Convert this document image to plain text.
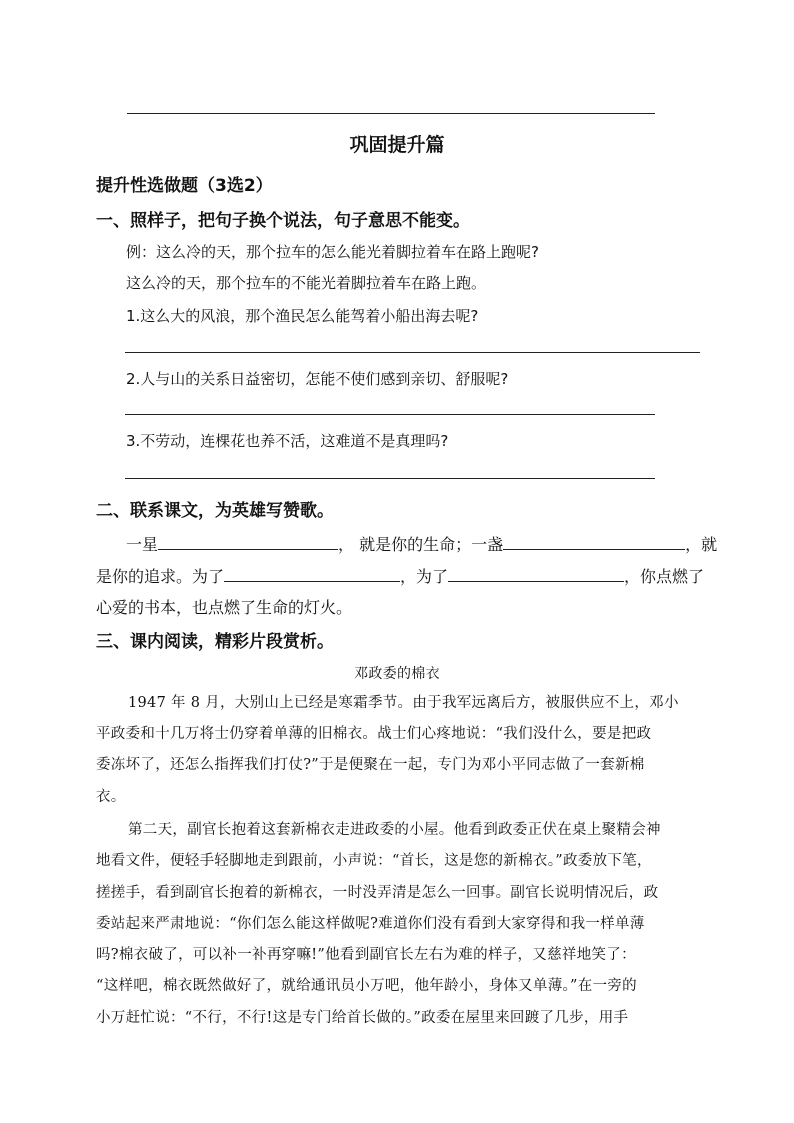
巩固提升篇
提升性选做题（3选2）
一、照样子，把句子换个说法，句子意思不能变。
例：这么冷的天，那个拉车的怎么能光着脚拉着车在路上跑呢?
这么冷的天，那个拉车的不能光着脚拉着车在路上跑。
1.这么大的风浪，那个渔民怎么能驾着小船出海去呢?
2.人与山的关系日益密切，怎能不使们感到亲切、舒服呢?
3.不劳动，连棵花也养不活，这难道不是真理吗?
二、联系课文，为英雄写赞歌。
一星	， 就是你的生命；一盏	，就
是你的追求。为了	，为了	，你点燃了
心爱的书本，也点燃了生命的灯火。
三、课内阅读，精彩片段赏析。
邓政委的棉衣
1947 年 8 月，大别山上已经是寒霜季节。由于我军远离后方，被服供应不上，邓小
平政委和十几万将士仍穿着单薄的旧棉衣。战士们心疼地说：“我们没什么，要是把政
委冻坏了，还怎么指挥我们打仗?”于是便聚在一起，专门为邓小平同志做了一套新棉
衣。
第二天，副官长抱着这套新棉衣走进政委的小屋。他看到政委正伏在桌上聚精会神
地看文件，便轻手轻脚地走到跟前，小声说：“首长，这是您的新棉衣。”政委放下笔，
搓搓手，看到副官长抱着的新棉衣，一时没弄清是怎么一回事。副官长说明情况后，政
委站起来严肃地说：“你们怎么能这样做呢?难道你们没有看到大家穿得和我一样单薄
吗?棉衣破了，可以补一补再穿嘛!”他看到副官长左右为难的样子，又慈祥地笑了：
“这样吧，棉衣既然做好了，就给通讯员小万吧，他年龄小，身体又单薄。”在一旁的
小万赶忙说：“不行，不行!这是专门给首长做的。”政委在屋里来回踱了几步，用手
